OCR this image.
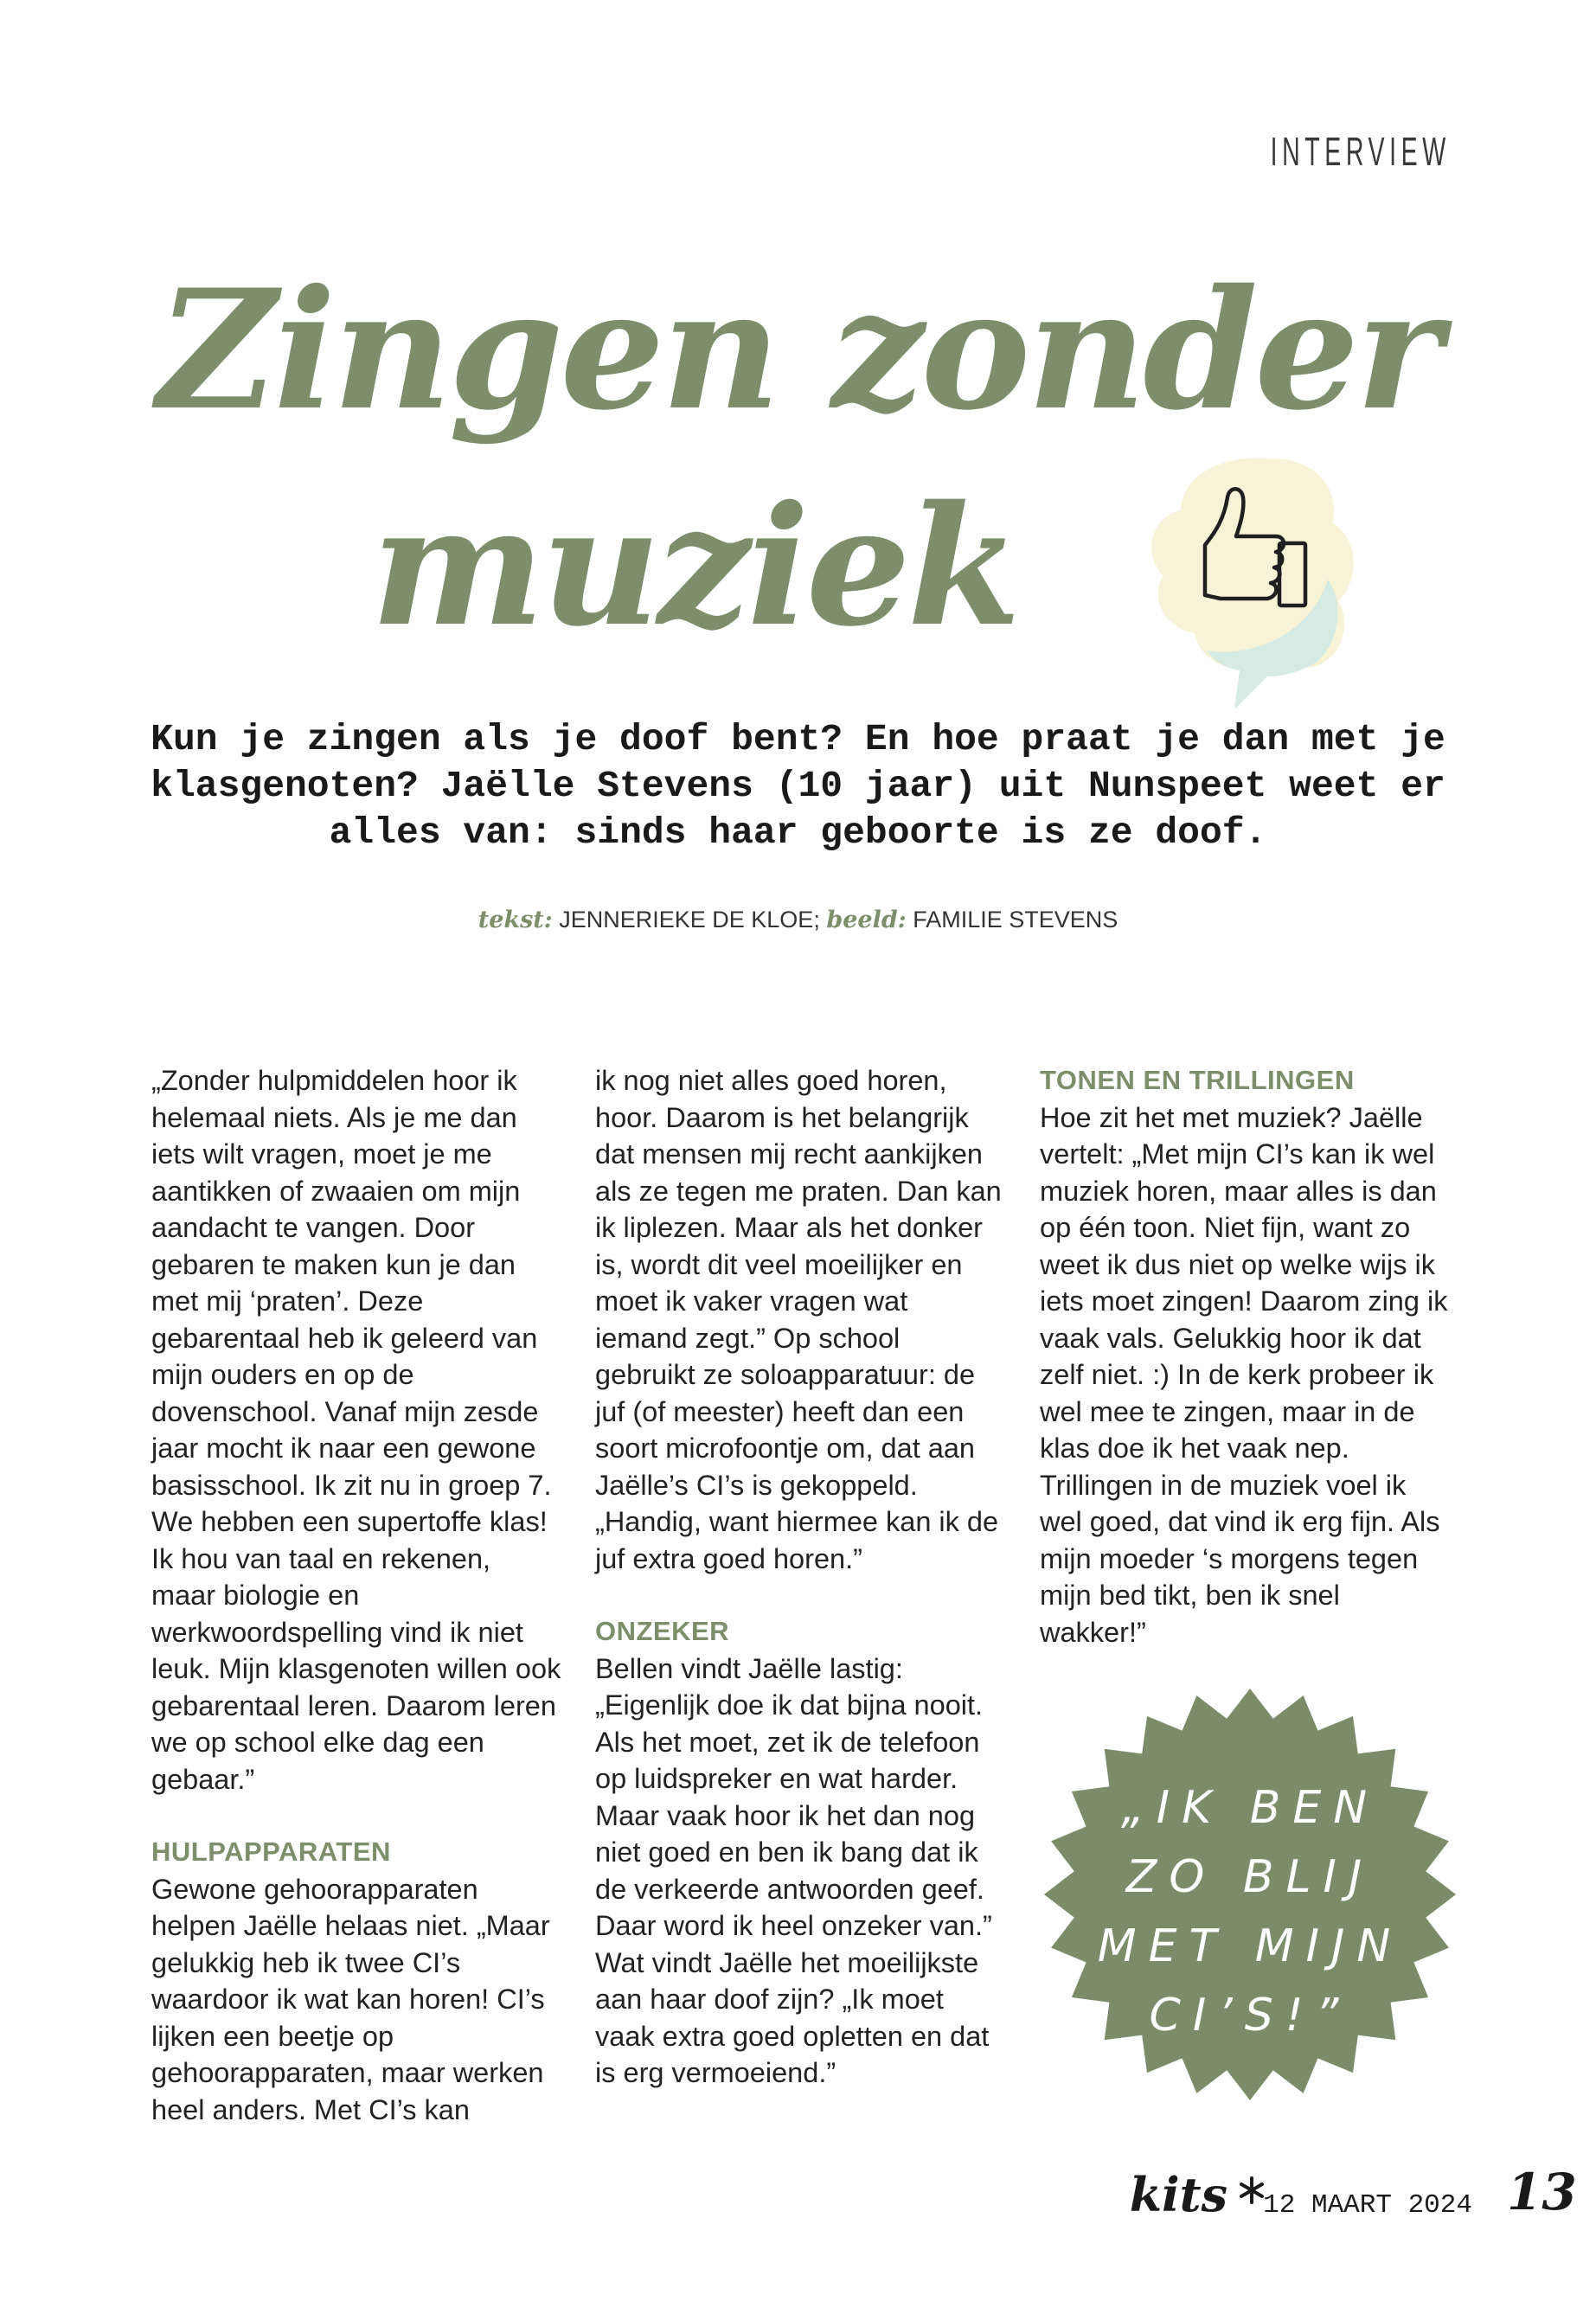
INTERVIEW
Zingen zonder
muziek

Kun je zingen als je doof bent? En hoe praat je dan met je klasgenoten? Jaëlle Stevens (10 jaar) uit Nunspeet weet er alles van: sinds haar geboorte is ze doof.

tekst: JENNERIEKE DE KLOE; beeld: FAMILIE STEVENS

„Zonder hulpmiddelen hoor ik helemaal niets. Als je me dan iets wilt vragen, moet je me aantikken of zwaaien om mijn aandacht te vangen. Door gebaren te maken kun je dan met mij ‘praten’. Deze gebarentaal heb ik geleerd van mijn ouders en op de dovenschool. Vanaf mijn zesde jaar mocht ik naar een gewone basisschool. Ik zit nu in groep 7. We hebben een supertoffe klas! Ik hou van taal en rekenen, maar biologie en werkwoordspelling vind ik niet leuk. Mijn klasgenoten willen ook gebarentaal leren. Daarom leren we op school elke dag een gebaar.”

HULPAPPARATEN

Gewone gehoorapparaten helpen Jaëlle helaas niet. „Maar gelukkig heb ik twee CI’s waardoor ik wat kan horen! CI’s lijken een beetje op gehoorapparaten, maar werken heel anders. Met CI’s kan

ik nog niet alles goed horen, hoor. Daarom is het belangrijk dat mensen mij recht aankijken als ze tegen me praten. Dan kan ik liplezen. Maar als het donker is, wordt dit veel moeilijker en moet ik vaker vragen wat iemand zegt.” Op school gebruikt ze soloapparatuur: de juf (of meester) heeft dan een soort microfoontje om, dat aan Jaëlle’s CI’s is gekoppeld. „Handig, want hiermee kan ik de juf extra goed horen.”

ONZEKER

Bellen vindt Jaëlle lastig: „Eigenlijk doe ik dat bijna nooit. Als het moet, zet ik de telefoon op luidspreker en wat harder. Maar vaak hoor ik het dan nog niet goed en ben ik bang dat ik de verkeerde antwoorden geef. Daar word ik heel onzeker van.” Wat vindt Jaëlle het moeilijkste aan haar doof zijn? „Ik moet vaak extra goed opletten en dat is erg vermoeiend.”

TONEN EN TRILLINGEN

Hoe zit het met muziek? Jaëlle vertelt: „Met mijn CI’s kan ik wel muziek horen, maar alles is dan op één toon. Niet fijn, want zo weet ik dus niet op welke wijs ik iets moet zingen! Daarom zing ik vaak vals. Gelukkig hoor ik dat zelf niet. :) In de kerk probeer ik wel mee te zingen, maar in de klas doe ik het vaak nep. Trillingen in de muziek voel ik wel goed, dat vind ik erg fijn. Als mijn moeder ‘s morgens tegen mijn bed tikt, ben ik snel wakker!”

„IK BEN
ZO BLIJ
MET MIJN
CI’S!”
kits	12 MAART 2024 13
